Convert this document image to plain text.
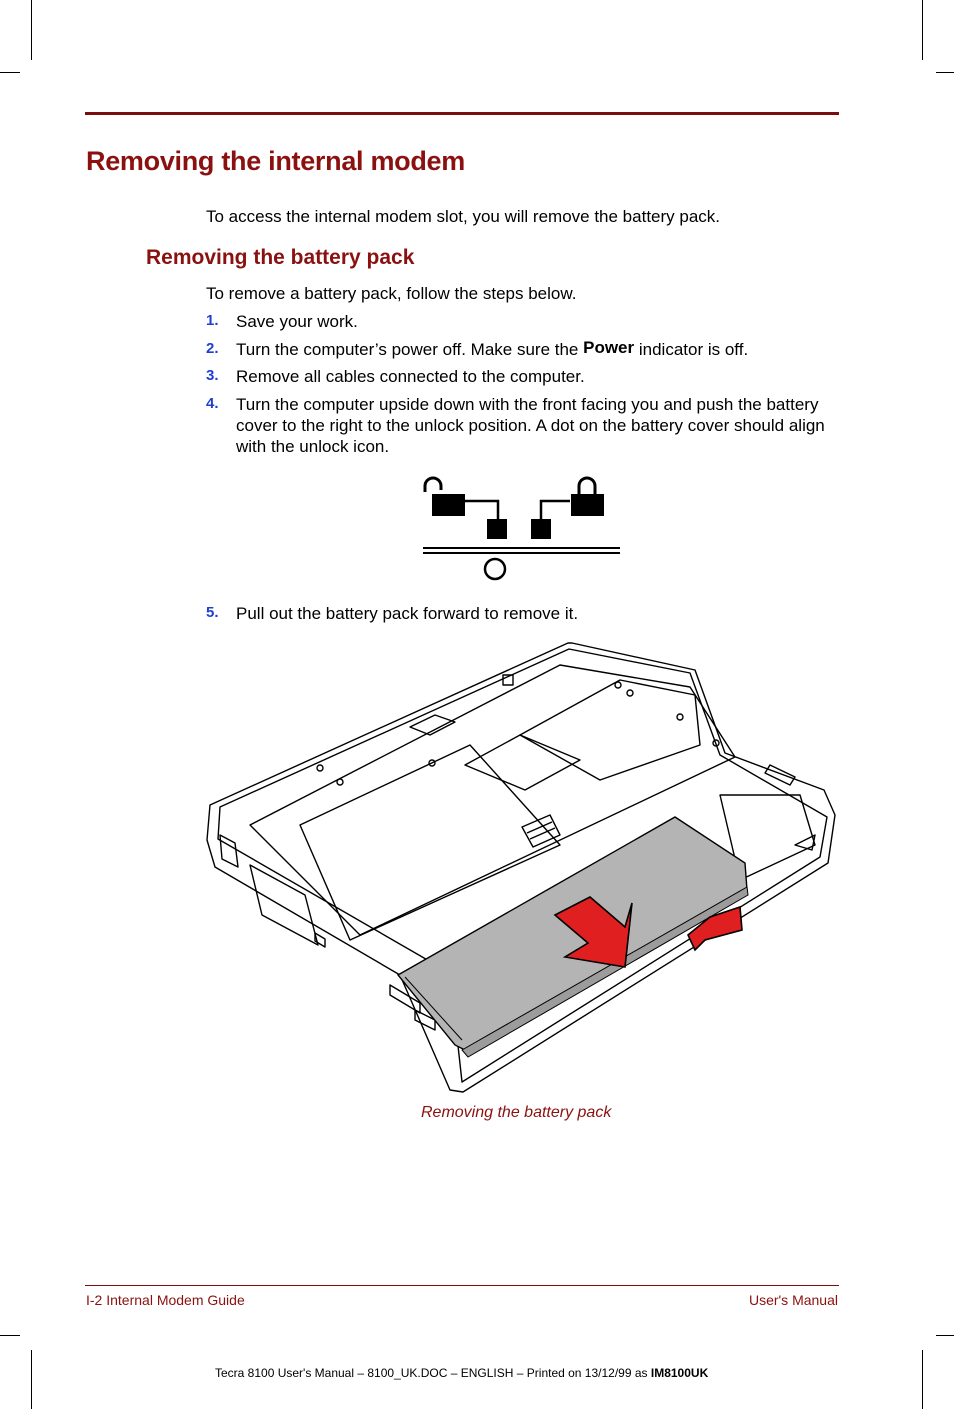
Removing the internal modem
To access the internal modem slot, you will remove the battery pack.
Removing the battery pack
To remove a battery pack, follow the steps below.
1. Save your work.
2. Turn the computer’s power off. Make sure the Power indicator is off.
3. Remove all cables connected to the computer.
4. Turn the computer upside down with the front facing you and push the battery cover to the right to the unlock position. A dot on the battery cover should align with the unlock icon.
5. Pull out the battery pack forward to remove it.
Removing the battery pack
I-2 Internal Modem Guide	User's Manual
Tecra 8100 User's Manual – 8100_UK.DOC – ENGLISH – Printed on 13/12/99 as IM8100UK
